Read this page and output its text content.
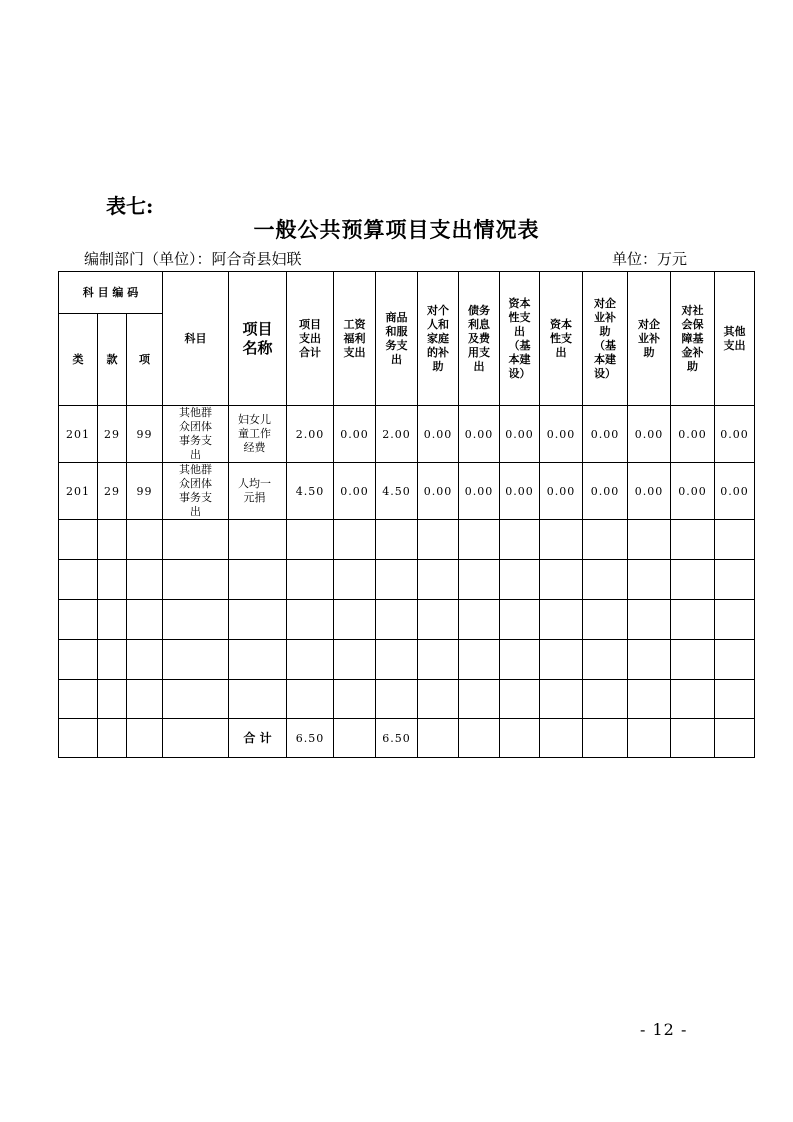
表七:
一般公共预算项目支出情况表
编制部门（单位）：阿合奇县妇联	单位：万元
科 目 编 码			科目	项目名称	项目支出合计	工资福利支出	商品和服务支出	对个人和家庭的补助	债务利息及费用支出	资本性支出（基本建设）	资本性支出	对企业补助（基本建设）	对企业补助	对社会保障基金补助	其他支出
类	款	项													
201	29	99	其他群众团体事务支出	妇女儿童工作经费	2.00	0.00	2.00	0.00	0.00	0.00	0.00	0.00	0.00	0.00	0.00
201	29	99	其他群众团体事务支出	人均一元捐	4.50	0.00	4.50	0.00	0.00	0.00	0.00	0.00	0.00	0.00	0.00

				合 计	6.50		6.50								
- 12 -
